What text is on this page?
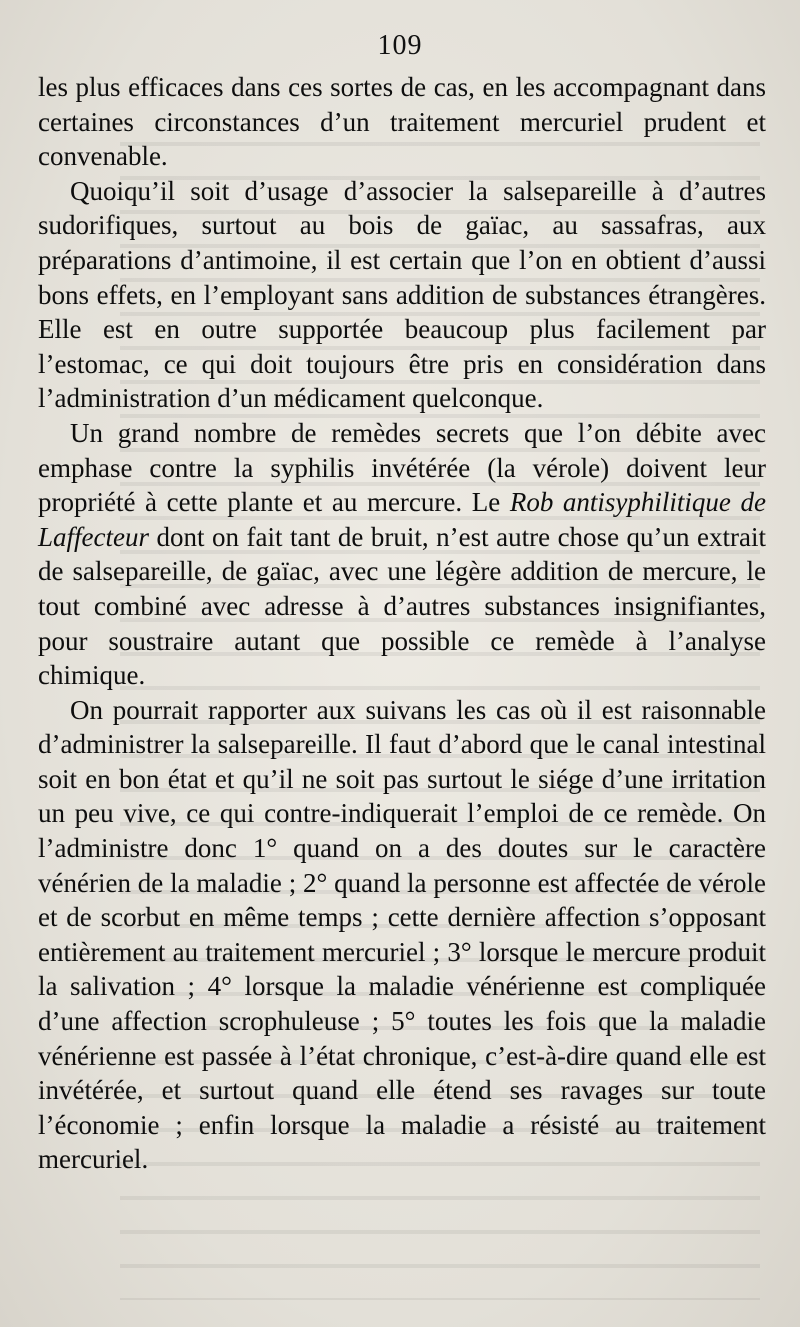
109

les plus efficaces dans ces sortes de cas, en les accompagnant dans certaines circonstances d’un traitement mercuriel prudent et convenable.

Quoiqu’il soit d’usage d’associer la salsepareille à d’autres sudorifiques, surtout au bois de gaïac, au sassafras, aux préparations d’antimoine, il est certain que l’on en obtient d’aussi bons effets, en l’employant sans addition de substances étrangères. Elle est en outre supportée beaucoup plus facilement par l’estomac, ce qui doit toujours être pris en considération dans l’administration d’un médicament quelconque.

Un grand nombre de remèdes secrets que l’on débite avec emphase contre la syphilis invétérée (la vérole) doivent leur propriété à cette plante et au mercure. Le Rob antisyphilitique de Laffecteur dont on fait tant de bruit, n’est autre chose qu’un extrait de salsepareille, de gaïac, avec une légère addition de mercure, le tout combiné avec adresse à d’autres substances insignifiantes, pour soustraire autant que possible ce remède à l’analyse chimique.

On pourrait rapporter aux suivans les cas où il est raisonnable d’administrer la salsepareille. Il faut d’abord que le canal intestinal soit en bon état et qu’il ne soit pas surtout le siége d’une irritation un peu vive, ce qui contre-indiquerait l’emploi de ce remède. On l’administre donc 1° quand on a des doutes sur le caractère vénérien de la maladie ; 2° quand la personne est affectée de vérole et de scorbut en même temps ; cette dernière affection s’opposant entièrement au traitement mercuriel ; 3° lorsque le mercure produit la salivation ; 4° lorsque la maladie vénérienne est compliquée d’une affection scrophuleuse ; 5° toutes les fois que la maladie vénérienne est passée à l’état chronique, c’est-à-dire quand elle est invétérée, et surtout quand elle étend ses ravages sur toute l’économie ; enfin lorsque la maladie a résisté au traitement mercuriel.
